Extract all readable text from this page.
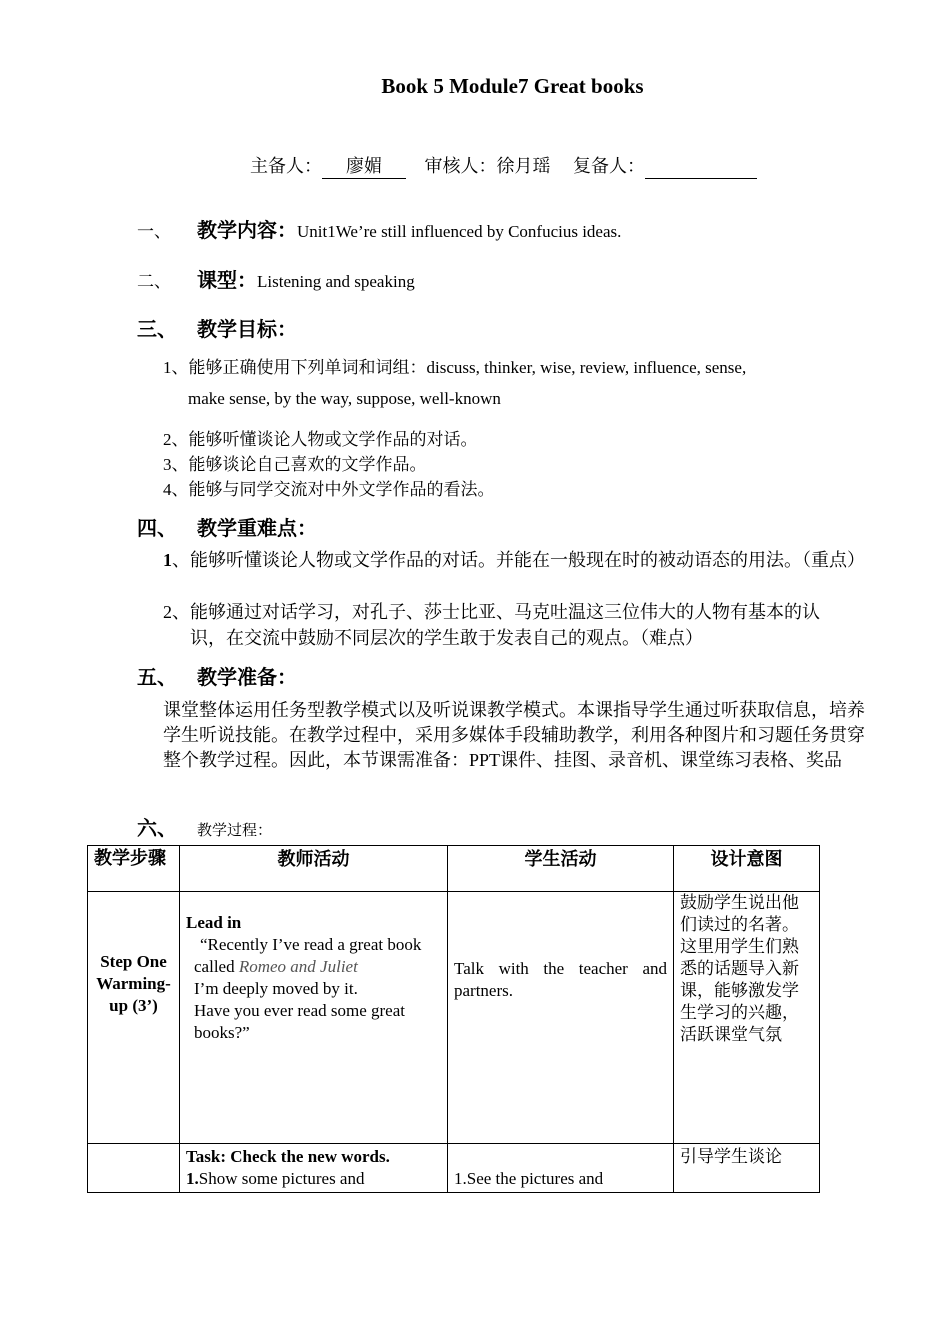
Book 5 Module7 Great books
主备人： 廖媚 审核人：徐月瑶 复备人：
一、 教学内容：Unit1We’re still influenced by Confucius ideas.
二、 课型：Listening and speaking
三、 教学目标：
1、能够正确使用下列单词和词组：discuss, thinker, wise, review, influence, sense,
make sense, by the way, suppose, well-known
2、能够听懂谈论人物或文学作品的对话。
3、能够谈论自己喜欢的文学作品。
4、能够与同学交流对中外文学作品的看法。
四、 教学重难点：

1、能够听懂谈论人物或文学作品的对话。并能在一般现在时的被动语态的用法。（重点）

2、能够通过对话学习，对孔子、莎士比亚、马克吐温这三位伟大的人物有基本的认
识，在交流中鼓励不同层次的学生敢于发表自己的观点。（难点）
五、 教学准备：

课堂整体运用任务型教学模式以及听说课教学模式。本课指导学生通过听获取信息，培养学生听说技能。在教学过程中，采用多媒体手段辅助教学，利用各种图片和习题任务贯穿整个教学过程。因此，本节课需准备：PPT课件、挂图、录音机、课堂练习表格、奖品

六、 教学过程：
教学步骤	教师活动	学生活动	设计意图
Step One Warming-up (3’)	Lead in
“Recently I’ve read a great book
called Romeo and Juliet
I’m deeply moved by it.
Have you ever read some great books?”	Talk with the teacher and partners.	鼓励学生说出他们读过的名著。这里用学生们熟悉的话题导入新课，能够激发学生学习的兴趣，活跃课堂气氛

	Task: Check the new words.
1.Show some pictures and	1.See the pictures and	引导学生谈论
